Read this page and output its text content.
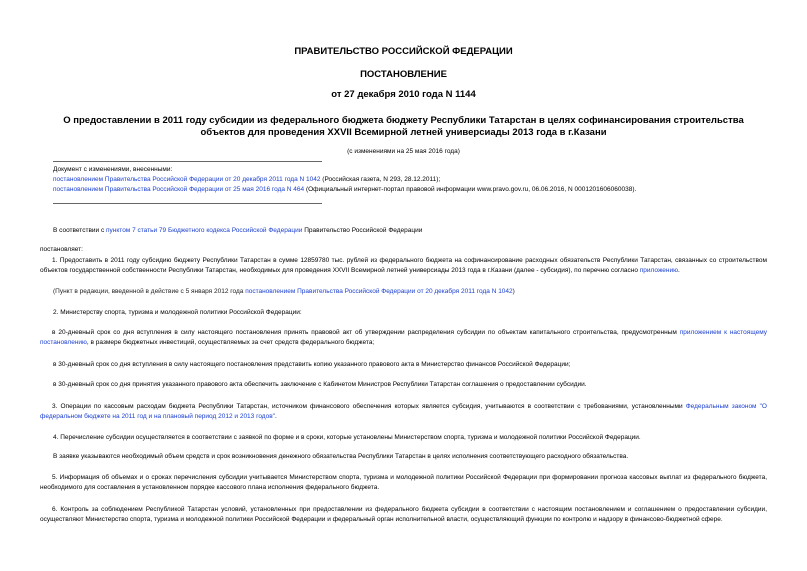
ПРАВИТЕЛЬСТВО РОССИЙСКОЙ ФЕДЕРАЦИИ
ПОСТАНОВЛЕНИЕ
от 27 декабря 2010 года N 1144
О предоставлении в 2011 году субсидии из федерального бюджета бюджету Республики Татарстан в целях софинансирования строительства объектов для проведения XXVII Всемирной летней универсиады 2013 года в г.Казани
(с изменениями на 25 мая 2016 года)
Документ с изменениями, внесенными:
постановлением Правительства Российской Федерации от 20 декабря 2011 года N 1042 (Российская газета, N 293, 28.12.2011);
постановлением Правительства Российской Федерации от 25 мая 2016 года N 464 (Официальный интернет-портал правовой информации www.pravo.gov.ru, 06.06.2016, N 0001201606060038).
В соответствии с пунктом 7 статьи 79 Бюджетного кодекса Российской Федерации Правительство Российской Федерации
постановляет:
1. Предоставить в 2011 году субсидию бюджету Республики Татарстан в сумме 12859780 тыс. рублей из федерального бюджета на софинансирование расходных обязательств Республики Татарстан, связанных со строительством объектов государственной собственности Республики Татарстан, необходимых для проведения XXVII Всемирной летней универсиады 2013 года в г.Казани (далее - субсидия), по перечню согласно приложению.
(Пункт в редакции, введенной в действие с 5 января 2012 года постановлением Правительства Российской Федерации от 20 декабря 2011 года N 1042)
2. Министерству спорта, туризма и молодежной политики Российской Федерации:
в 20-дневный срок со дня вступления в силу настоящего постановления принять правовой акт об утверждении распределения субсидии по объектам капитального строительства, предусмотренным приложением к настоящему постановлению, в размере бюджетных инвестиций, осуществляемых за счет средств федерального бюджета;
в 30-дневный срок со дня вступления в силу настоящего постановления представить копию указанного правового акта в Министерство финансов Российской Федерации;
в 30-дневный срок со дня принятия указанного правового акта обеспечить заключение с Кабинетом Министров Республики Татарстан соглашения о предоставлении субсидии.
3. Операции по кассовым расходам бюджета Республики Татарстан, источником финансового обеспечения которых является субсидия, учитываются в соответствии с требованиями, установленными Федеральным законом "О федеральном бюджете на 2011 год и на плановый период 2012 и 2013 годов".
4. Перечисление субсидии осуществляется в соответствии с заявкой по форме и в сроки, которые установлены Министерством спорта, туризма и молодежной политики Российской Федерации.
В заявке указываются необходимый объем средств и срок возникновения денежного обязательства Республики Татарстан в целях исполнения соответствующего расходного обязательства.
5. Информация об объемах и о сроках перечисления субсидии учитывается Министерством спорта, туризма и молодежной политики Российской Федерации при формировании прогноза кассовых выплат из федерального бюджета, необходимого для составления в установленном порядке кассового плана исполнения федерального бюджета.
6. Контроль за соблюдением Республикой Татарстан условий, установленных при предоставлении из федерального бюджета субсидии в соответствии с настоящим постановлением и соглашением о предоставлении субсидии, осуществляют Министерство спорта, туризма и молодежной политики Российской Федерации и федеральный орган исполнительной власти, осуществляющий функции по контролю и надзору в финансово-бюджетной сфере.
